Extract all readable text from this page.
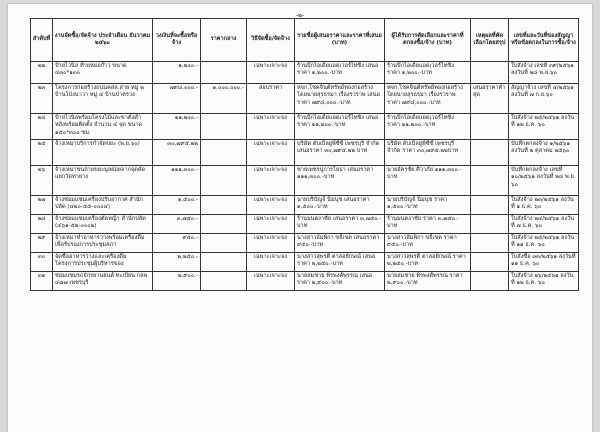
-๒-
ลำดับที่	งานจัดซื้อ/จัดจ้าง ประจำเดือน ธันวาคม ๒๕๖๐	วงเงินที่จะซื้อหรือจ้าง	ราคากลาง	วิธีจัดซื้อ/จัดจ้าง	รายชื่อผู้เสนอราคาและราคาที่เสนอ (บาท)	ผู้ได้รับการคัดเลือกและราคาที่ตกลงซื้อ/จ้าง (บาท)	เหตุผลที่คัดเลือกโดยสรุป	เลขที่และวันที่ของสัญญาหรือข้อตกลงในการซื้อ/จ้าง
๒๒	ป้ายไวนิล ท้ายหมอก๊าว ขนาด ๔๓๐*๑๓๐	๑,๒๐๐.-		เฉพาะเจาะจง	ร้านบิ๊กไอเดียแอดเวอร์ไทซิ่ง เสนอราคา ๑,๒๐๐.-บาท	ร้านบิ๊กไอเดียแอดเวอร์ไทซิ่ง ราคา ๑,๒๐๐.-บาท		ใบสั่งจ้าง เลขที่ ๓๙/๒๕๖๑ ลงวันที่ ๒๘ พ.ย.๖๐
๒๓	โครงการก่อสร้างถนนคสล.สาย หมู่ ๒ บ้านโป่งนาวา หมู่ ๔ บ้านป่าตรวง	๗๙๘,๐๐๐.-	๑,๐๐๐,๐๐๐.-	สอบราคา	หจก.โชคจินต์ทรัพย์ทองก่อสร้าง โดยนายสุรธรมา เรืองรวราพ เสนอราคา ๗๙๘,๐๐๐.-บาท	หจก.โชคจินต์ทรัพย์ทองก่อสร้าง โดยนายสุรธรมา เรืองรวราพ ราคา ๗๙๘,๐๐๐.-บาท	เสนอราคาต่ำสุด	สัญญาจ้าง เลขที่ ๔/๒๕๖๑ ลงวันที่ ๗ ก.ย.๖๐
๒๔	ป้ายไวนิลพร้อมโครงไม้และขาตั้งค้ำ หลังพร้อมติดตั้ง จำนวน ๔ จุด ขนาด ๑๕๐*๓๐๐ ซม.	๑๑,๒๐๐.-		เฉพาะเจาะจง	ร้านบิ๊กไอเดียแอดเวอร์ไทซิ่ง เสนอราคา ๑๑,๒๐๐.-บาท	ร้านบิ๊กไอเดียแอดเวอร์ไทซิ่ง ราคา ๑๑,๒๐๐.-บาท		ใบสั่งจ้าง ๒๕/๒๕๖๑ ลงวันที่ ๑๒ ธ.ค. ๖๐
๒๕	จ้างเหมาบริการกำจัดขยะ (พ.ย.๖๐)	๓๐,๗๙๕.๒๒		เฉพาะเจาะจง	บริษัท ดับเบิ้ลยูพีซีซี เพชรบุรี จำกัด เสนอราคา ๓๐,๗๙๕.๒๒ บาท	บริษัท ดับเบิ้ลยูพีซีซี เพชรบุรี จำกัด ราคา ๓๐,๗๙๕.๒๒บาท		บันทึกตกลงจ้าง ๑/๒๕๖๑ ลงวันที่ ๒ ตุลาคม ๒๕๖๐
๒๖	จ้างเหมาขนถ่ายขยะมูลฝอยจากจุดคัดแยกวัดท่ายาง	๑๑๑,๓๐๐.-		เฉพาะเจาะจง	ชายเพชรนู่การโยธา เสนอราคา ๑๑๑,๓๐๐.-บาท	นายอัครชัย ศิวาภัย ๑๑๑,๓๐๐.-บาท		บันทึกตกลงจ้าง เลขที่ ๑๐/๒๕๖๑ ลงวันที่ ๒๘ พ.ย. ๖๐
๒๗	จ้างซ่อมแซมเครื่องปรับอากาศ สำนักปลัด (๔๒๐-๕๕-๐๐๐๔)	๑,๕๐๐.-		เฉพาะเจาะจง	นายบริบัญจ์ นิ่มนุช เสนอราคา ๑,๕๐๐.-บาท	นายบริบัญจ์ นิ่มนุช ราคา ๑,๕๐๐.-บาท		ใบสั่งจ้าง ๒๓/๒๕๖๑ ลงวันที่ ๑ ธ.ค. ๖๐
๒๘	จ้างซ่อมแซมเครื่องตัดหญ้า สำนักปลัด (๔๖๑-๕๒-๐๐๐๒)	๓,๗๕๐.-		เฉพาะเจาะจง	ร้านมนตงาชัย เสนอราคา ๓,๗๕๐.-บาท	ร้านมนตงาชัย ราคา ๓,๗๕๐.-บาท		ใบสั่งจ้าง ๒๔/๒๕๖๑ ลงวันที่ ๗ ธ.ค. ๖๐
๒๙	จ้างเหมาทำอาหารว่างพร้อมเครื่องดื่ม เพื่อรับรองการประชุมสภา	๙๕๐.-		เฉพาะเจาะจง	นางสาวอัมพิกา ขจีเขต เสนอราคา ๙๕๐.-บาท	นางสาวอัมพิกา ขจีเขต ราคา ๙๕๐.-บาท		ใบสั่งจ้าง ๒๕/๒๕๖๑ ลงวันที่ ๑๑ ธ.ค. ๖๐
๓๐	จัดซื้ออาหารว่างและเครื่องดื่ม โครงการประชุมผู้บริหารของ	๒,๒๕๐.-		เฉพาะเจาะจง	นางสาวสุพรตี ตาลอยักษณ์ เสนอราคา ๒,๒๕๐.-บาท	นางสาวสุพรตี ตาลอยักษณ์ ราคา ๒,๒๕๐.-บาท		ใบสั่งซื้อ ๓๓/๒๕๖๑ ลงวันที่ ๑๑ ธ.ค. ๖๐
๓๑	ซ่อมแซมรถจักรยานยนต์ ทะเบียน กลพ ๔๗๗ เพชรบุรี	๒,๙๐๐.-		เฉพาะเจาะจง	นายสมชาย พิรพงศ์พรรณ เสนอราคา ๒,๙๐๐.-บาท	นายสมชาย พิรพงศ์พรรณ ราคา ๒,๙๐๐.-บาท		ใบสั่งจ้าง ๒๖/๒๕๖๑ ลงวันที่ ๑๒ ธ.ค. ๖๐
